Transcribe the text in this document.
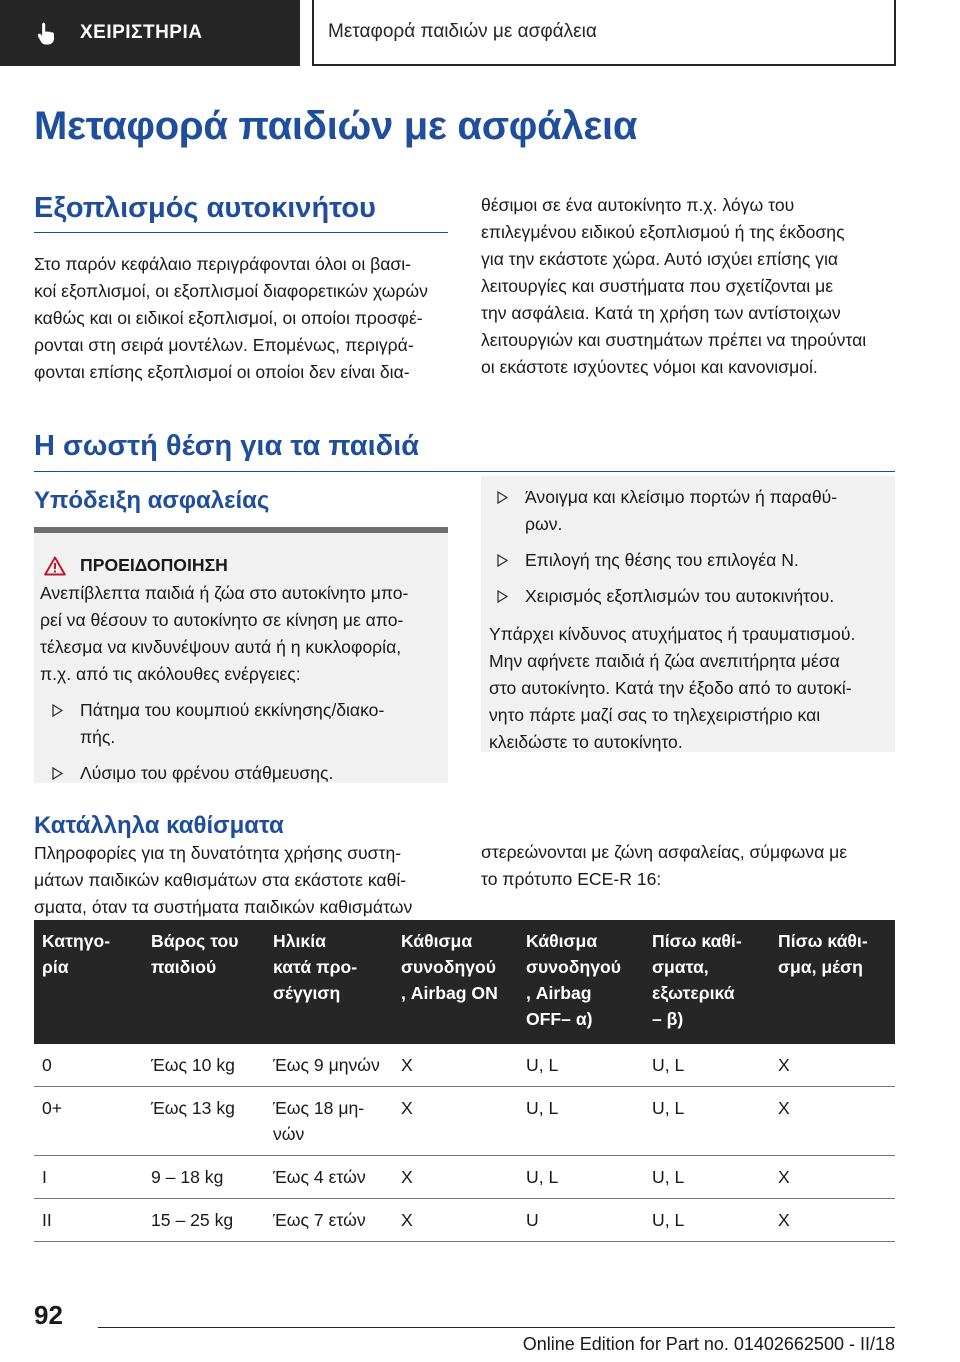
ΧΕΙΡΙΣΤΗΡΙΑ	Μεταφορά παιδιών με ασφάλεια
Μεταφορά παιδιών με ασφάλεια
Εξοπλισμός αυτοκινήτου

Στο παρόν κεφάλαιο περιγράφονται όλοι οι βασι‐
κοί εξοπλισμοί, οι εξοπλισμοί διαφορετικών χωρών
καθώς και οι ειδικοί εξοπλισμοί, οι οποίοι προσφέ‐
ρονται στη σειρά μοντέλων. Επομένως, περιγρά‐
φονται επίσης εξοπλισμοί οι οποίοι δεν είναι δια‐

θέσιμοι σε ένα αυτοκίνητο π.χ. λόγω του
επιλεγμένου ειδικού εξοπλισμού ή της έκδοσης
για την εκάστοτε χώρα. Αυτό ισχύει επίσης για
λειτουργίες και συστήματα που σχετίζονται με
την ασφάλεια. Κατά τη χρήση των αντίστοιχων
λειτουργιών και συστημάτων πρέπει να τηρούνται
οι εκάστοτε ισχύοντες νόμοι και κανονισμοί.

Η σωστή θέση για τα παιδιά
Υπόδειξη ασφαλείας
ΠΡΟΕΙΔΟΠΟΙΗΣΗ

Ανεπίβλεπτα παιδιά ή ζώα στο αυτοκίνητο μπο‐
ρεί να θέσουν το αυτοκίνητο σε κίνηση με απο‐
τέλεσμα να κινδυνέψουν αυτά ή η κυκλοφορία,
π.χ. από τις ακόλουθες ενέργειες:

Πάτημα του κουμπιού εκκίνησης/διακο‐
πής.
Λύσιμο του φρένου στάθμευσης.
Άνοιγμα και κλείσιμο πορτών ή παραθύ‐
ρων.
Επιλογή της θέσης του επιλογέα N.
Χειρισμός εξοπλισμών του αυτοκινήτου.

Υπάρχει κίνδυνος ατυχήματος ή τραυματισμού.
Μην αφήνετε παιδιά ή ζώα ανεπιτήρητα μέσα
στο αυτοκίνητο. Κατά την έξοδο από το αυτοκί‐
νητο πάρτε μαζί σας το τηλεχειριστήριο και
κλειδώστε το αυτοκίνητο.

Κατάλληλα καθίσματα

Πληροφορίες για τη δυνατότητα χρήσης συστη‐
μάτων παιδικών καθισμάτων στα εκάστοτε καθί‐
σματα, όταν τα συστήματα παιδικών καθισμάτων

στερεώνονται με ζώνη ασφαλείας, σύμφωνα με
το πρότυπο ECE-R 16:

Κατηγο‐
ρία	Βάρος του
παιδιού	Ηλικία
κατά προ‐
σέγγιση	Κάθισμα
συνοδηγού
, Airbag ON	Κάθισμα
συνοδηγού
, Airbag
OFF– α)	Πίσω καθί‐
σματα,
εξωτερικά
– β)	Πίσω κάθι‐
σμα, μέση
0	Έως 10 kg	Έως 9 μηνών	X	U, L	U, L	X
0+	Έως 13 kg	Έως 18 μη‐
νών	X	U, L	U, L	X
I	9 – 18 kg	Έως 4 ετών	X	U, L	U, L	X
II	15 – 25 kg	Έως 7 ετών	X	U	U, L	X
92
Online Edition for Part no. 01402662500 - II/18
